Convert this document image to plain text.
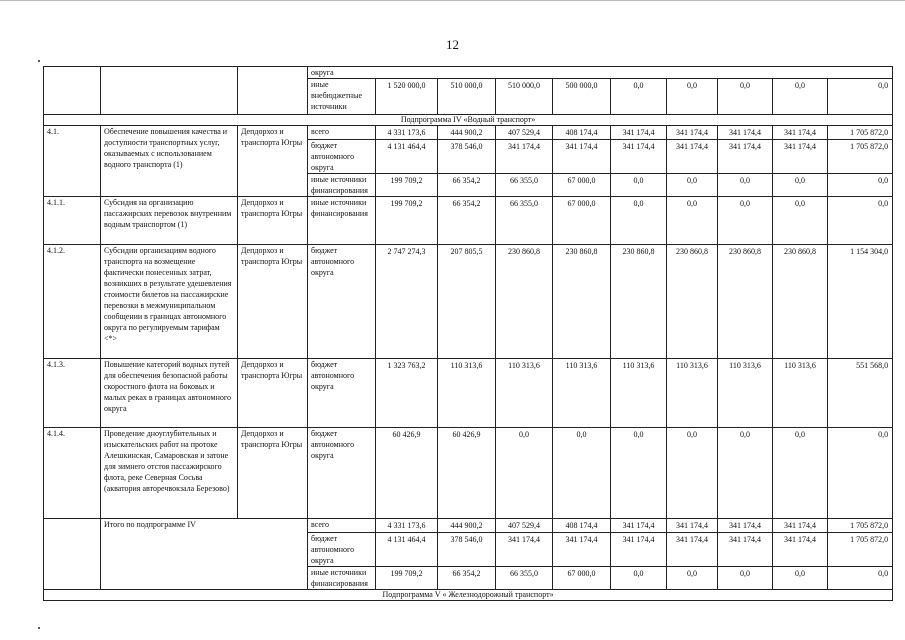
12
			округа									
			иные внебюджетные источники	1 520 000,0	510 000,0	510 000,0	500 000,0	0,0	0,0	0,0	0,0	0,0
Подпрограмма IV «Водный транспорт»												
4.1.	Обеспечение повышения качества и доступности транспортных услуг, оказываемых с использованием водного транспорта (1)	Депдорхоз и транспорта Югры	всего	4 331 173,6	444 900,2	407 529,4	408 174,4	341 174,4	341 174,4	341 174,4	341 174,4	1 705 872,0
			бюджет автономного округа	4 131 464,4	378 546,0	341 174,4	341 174,4	341 174,4	341 174,4	341 174,4	341 174,4	1 705 872,0
			иные источники финансирования	199 709,2	66 354,2	66 355,0	67 000,0	0,0	0,0	0,0	0,0	0,0
4.1.1.	Субсидия на организацию пассажирских перевозок внутренним водным транспортом (1)	Депдорхоз и транспорта Югры	иные источники финансирования	199 709,2	66 354,2	66 355,0	67 000,0	0,0	0,0	0,0	0,0	0,0
4.1.2.	Субсидии организациям водного транспорта на возмещение фактически понесенных затрат, возникших в результате удешевления стоимости билетов на пассажирские перевозки в межмуниципальном сообщении в границах автономного округа по регулируемым тарифам <*>	Депдорхоз и транспорта Югры	бюджет автономного округа	2 747 274,3	207 805,5	230 860,8	230 860,8	230 860,8	230 860,8	230 860,8	230 860,8	1 154 304,0
4.1.3.	Повышение категорий водных путей для обеспечения безопасной работы скоростного флота на боковых и малых реках в границах автономного округа	Депдорхоз и транспорта Югры	бюджет автономного округа	1 323 763,2	110 313,6	110 313,6	110 313,6	110 313,6	110 313,6	110 313,6	110 313,6	551 568,0
4.1.4.	Проведение дноуглубительных и изыскательских работ на протоке Алешкинская, Самаровская и затоне для зимнего отстоя пассажирского флота, реке Северная Сосьва (акватория авторечвокзала Березово)	Депдорхоз и транспорта Югры	бюджет автономного округа	60 426,9	60 426,9	0,0	0,0	0,0	0,0	0,0	0,0	0,0
	Итого по подпрограмме IV		всего	4 331 173,6	444 900,2	407 529,4	408 174,4	341 174,4	341 174,4	341 174,4	341 174,4	1 705 872,0
			бюджет автономного округа	4 131 464,4	378 546,0	341 174,4	341 174,4	341 174,4	341 174,4	341 174,4	341 174,4	1 705 872,0
			иные источники финансирования	199 709,2	66 354,2	66 355,0	67 000,0	0,0	0,0	0,0	0,0	0,0
Подпрограмма V « Железнодорожный транспорт»												
